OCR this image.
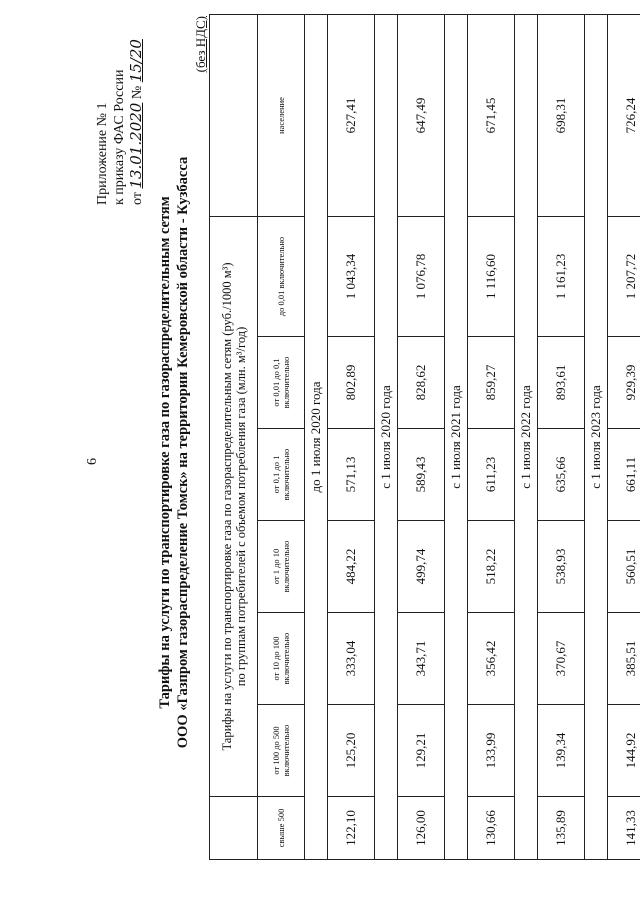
6
Приложение № 1 к приказу ФАС России от 13.01.2020 № 15/20
Тарифы на услуги по транспортировке газа по газораспределительным сетям ООО «Газпром газораспределение Томск» на территории Кемеровской области - Кузбасса
(без НДС)

	Тарифы на услуги по транспортировке газа по газораспределительным сетям (руб./1000 м³) по группам потребителей с объемом потребления газа (млн. м³/год)						

свыше 500	от 100 до 500 включительно	от 10 до 100 включительно	от 1 до 10 включительно	от 0,1 до 1 включительно	от 0,01 до 0,1 включительно	до 0,01 включительно	население
до 1 июля 2020 года							
122,10	125,20	333,04	484,22	571,13	802,89	1 043,34	627,41
с 1 июля 2020 года							
126,00	129,21	343,71	499,74	589,43	828,62	1 076,78	647,49
с 1 июля 2021 года							
130,66	133,99	356,42	518,22	611,23	859,27	1 116,60	671,45
с 1 июля 2022 года							
135,89	139,34	370,67	538,93	635,66	893,61	1 161,23	698,31
с 1 июля 2023 года							
141,33	144,92	385,51	560,51	661,11	929,39	1 207,72	726,24
